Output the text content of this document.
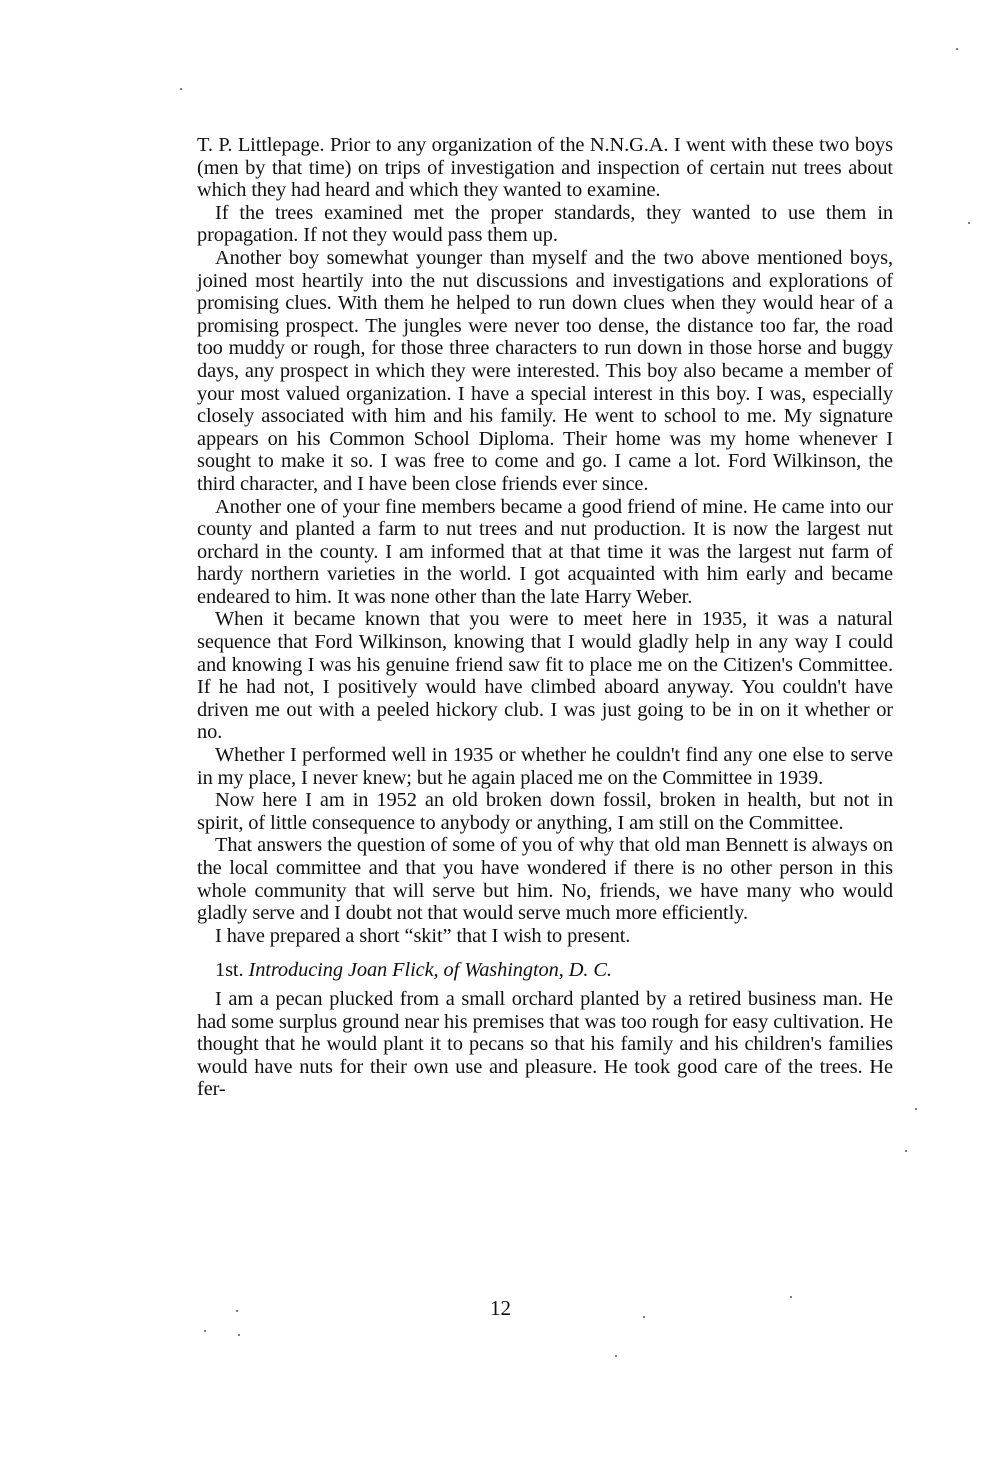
T. P. Littlepage. Prior to any organization of the N.N.G.A. I went with these two boys (men by that time) on trips of investigation and inspection of certain nut trees about which they had heard and which they wanted to examine.

If the trees examined met the proper standards, they wanted to use them in propagation. If not they would pass them up.

Another boy somewhat younger than myself and the two above mentioned boys, joined most heartily into the nut discussions and investigations and explorations of promising clues. With them he helped to run down clues when they would hear of a promising prospect. The jungles were never too dense, the distance too far, the road too muddy or rough, for those three characters to run down in those horse and buggy days, any prospect in which they were interested. This boy also became a member of your most valued organization. I have a special interest in this boy. I was, especially closely associated with him and his family. He went to school to me. My signature appears on his Common School Diploma. Their home was my home whenever I sought to make it so. I was free to come and go. I came a lot. Ford Wilkinson, the third character, and I have been close friends ever since.

Another one of your fine members became a good friend of mine. He came into our county and planted a farm to nut trees and nut production. It is now the largest nut orchard in the county. I am informed that at that time it was the largest nut farm of hardy northern varieties in the world. I got acquainted with him early and became endeared to him. It was none other than the late Harry Weber.

When it became known that you were to meet here in 1935, it was a natural sequence that Ford Wilkinson, knowing that I would gladly help in any way I could and knowing I was his genuine friend saw fit to place me on the Citizen's Committee. If he had not, I positively would have climbed aboard anyway. You couldn't have driven me out with a peeled hickory club. I was just going to be in on it whether or no.

Whether I performed well in 1935 or whether he couldn't find any one else to serve in my place, I never knew; but he again placed me on the Committee in 1939.

Now here I am in 1952 an old broken down fossil, broken in health, but not in spirit, of little consequence to anybody or anything, I am still on the Committee.

That answers the question of some of you of why that old man Bennett is always on the local committee and that you have wondered if there is no other person in this whole community that will serve but him. No, friends, we have many who would gladly serve and I doubt not that would serve much more efficiently.

I have prepared a short “skit” that I wish to present.

1st. Introducing Joan Flick, of Washington, D. C.

I am a pecan plucked from a small orchard planted by a retired business man. He had some surplus ground near his premises that was too rough for easy cultivation. He thought that he would plant it to pecans so that his family and his children's families would have nuts for their own use and pleasure. He took good care of the trees. He fer-

12
